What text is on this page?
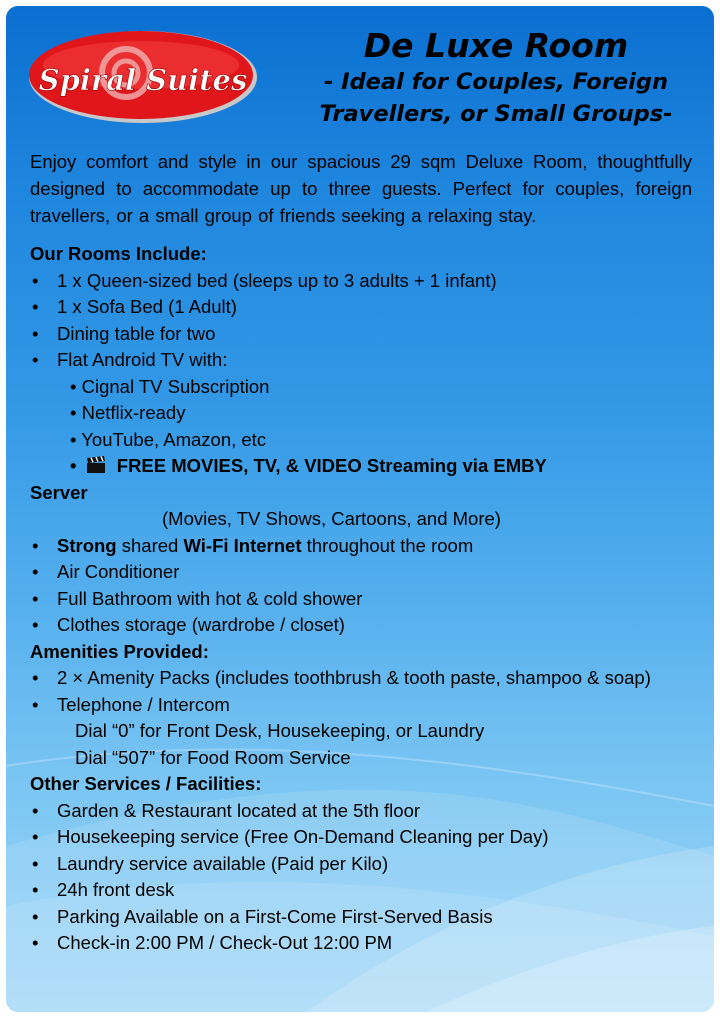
Spiral Suites
De Luxe Room
- Ideal for Couples, Foreign
Travellers, or Small Groups-

Enjoy comfort and style in our spacious 29 sqm Deluxe Room, thoughtfully designed to accommodate up to three guests. Perfect for couples, foreign travellers, or a small group of friends seeking a relaxing stay.

Our Rooms Include:
• 1 x Queen-sized bed (sleeps up to 3 adults + 1 infant)
• 1 x Sofa Bed (1 Adult)
• Dining table for two
• Flat Android TV with:
• Cignal TV Subscription
• Netflix-ready
• YouTube, Amazon, etc
• FREE MOVIES, TV, & VIDEO Streaming via EMBY
Server
(Movies, TV Shows, Cartoons, and More)
• Strong shared Wi-Fi Internet throughout the room
• Air Conditioner
• Full Bathroom with hot & cold shower
• Clothes storage (wardrobe / closet)
Amenities Provided:
• 2 × Amenity Packs (includes toothbrush & tooth paste, shampoo & soap)
• Telephone / Intercom
Dial “0” for Front Desk, Housekeeping, or Laundry
Dial “507” for Food Room Service
Other Services / Facilities:
• Garden & Restaurant located at the 5th floor
• Housekeeping service (Free On-Demand Cleaning per Day)
• Laundry service available (Paid per Kilo)
• 24h front desk
• Parking Available on a First-Come First-Served Basis
• Check-in 2:00 PM / Check-Out 12:00 PM
